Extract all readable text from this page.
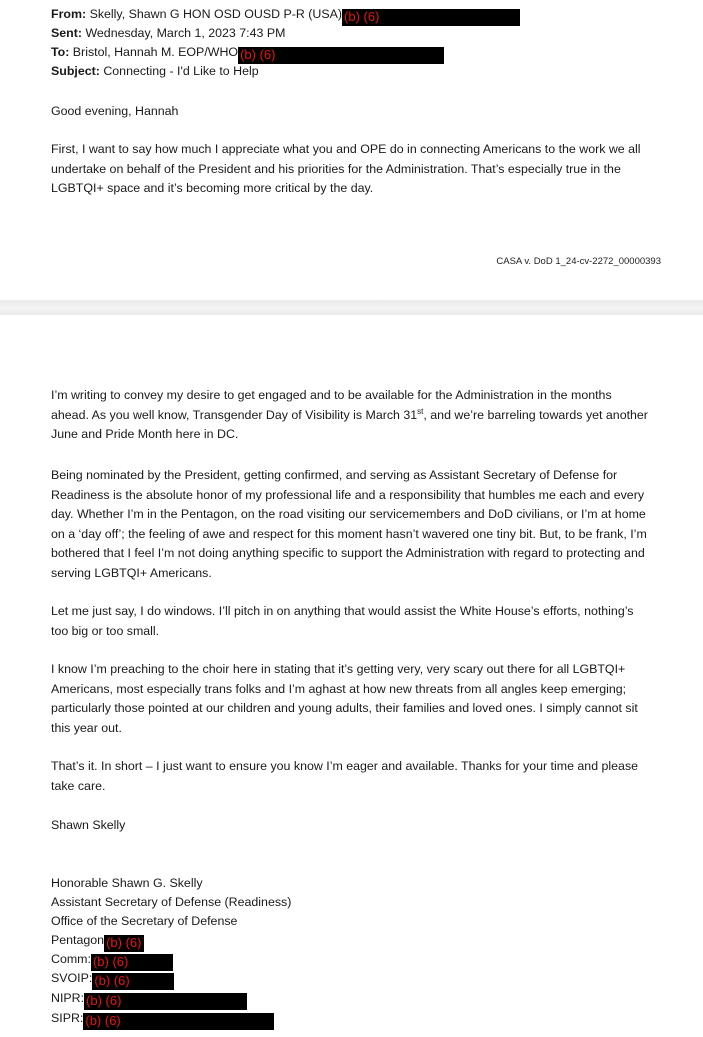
From: Skelly, Shawn G HON OSD OUSD P-R (USA) (b) (6)
Sent: Wednesday, March 1, 2023 7:43 PM
To: Bristol, Hannah M. EOP/WHO (b) (6)
Subject: Connecting - I'd Like to Help
Good evening, Hannah

First, I want to say how much I appreciate what you and OPE do in connecting Americans to the work we all undertake on behalf of the President and his priorities for the Administration. That’s especially true in the LGBTQI+ space and it’s becoming more critical by the day.

CASA v. DoD 1_24-cv-2272_00000393

I’m writing to convey my desire to get engaged and to be available for the Administration in the months ahead. As you well know, Transgender Day of Visibility is March 31st, and we’re barreling towards yet another June and Pride Month here in DC.

Being nominated by the President, getting confirmed, and serving as Assistant Secretary of Defense for Readiness is the absolute honor of my professional life and a responsibility that humbles me each and every day. Whether I’m in the Pentagon, on the road visiting our servicemembers and DoD civilians, or I’m at home on a ‘day off’; the feeling of awe and respect for this moment hasn’t wavered one tiny bit. But, to be frank, I’m bothered that I feel I’m not doing anything specific to support the Administration with regard to protecting and serving LGBTQI+ Americans.

Let me just say, I do windows. I’ll pitch in on anything that would assist the White House’s efforts, nothing’s too big or too small.

I know I’m preaching to the choir here in stating that it’s getting very, very scary out there for all LGBTQI+ Americans, most especially trans folks and I’m aghast at how new threats from all angles keep emerging; particularly those pointed at our children and young adults, their families and loved ones. I simply cannot sit this year out.

That’s it. In short – I just want to ensure you know I’m eager and available. Thanks for your time and please take care.

Shawn Skelly
Honorable Shawn G. Skelly
Assistant Secretary of Defense (Readiness)
Office of the Secretary of Defense
Pentagon (b) (6)
Comm: (b) (6)
SVOIP: (b) (6)
NIPR: (b) (6)
SIPR: (b) (6)
